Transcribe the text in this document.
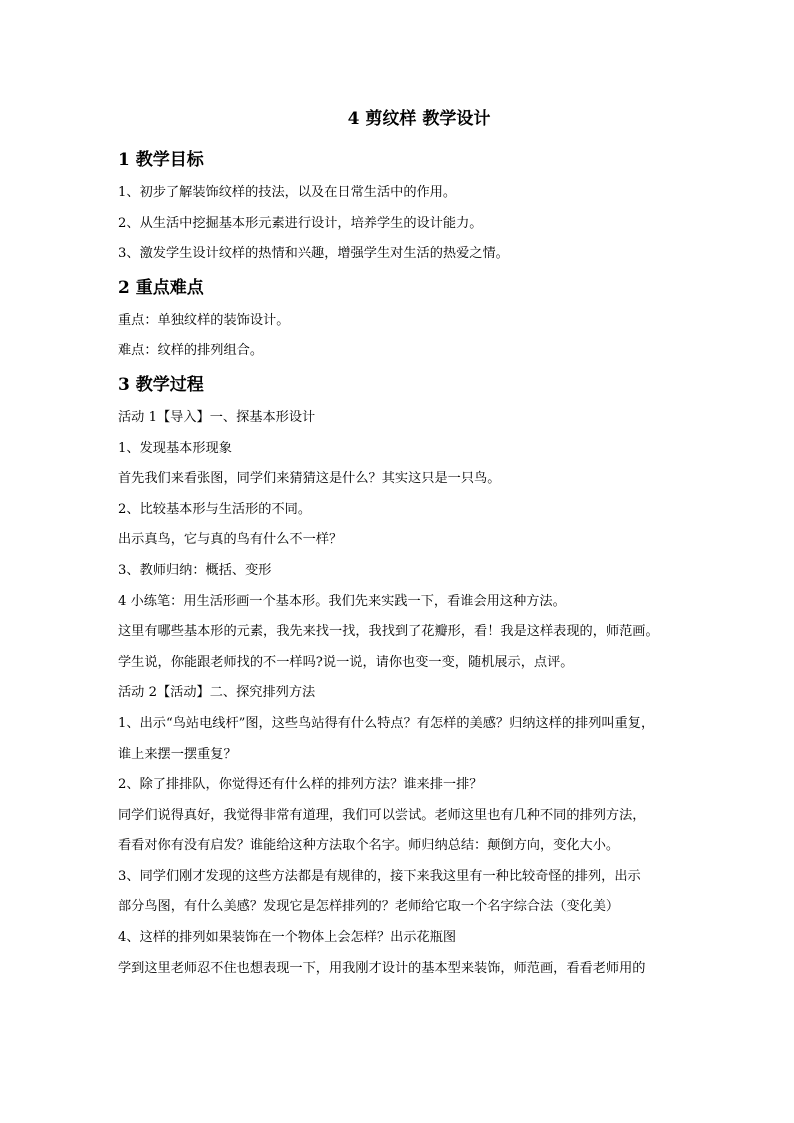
4 剪纹样 教学设计
1 教学目标

1、初步了解装饰纹样的技法，以及在日常生活中的作用。

2、从生活中挖掘基本形元素进行设计，培养学生的设计能力。

3、激发学生设计纹样的热情和兴趣，增强学生对生活的热爱之情。

2 重点难点

重点：单独纹样的装饰设计。

难点：纹样的排列组合。

3 教学过程

活动 1【导入】一、探基本形设计

1、发现基本形现象

首先我们来看张图，同学们来猜猜这是什么？其实这只是一只鸟。

2、比较基本形与生活形的不同。

出示真鸟，它与真的鸟有什么不一样？

3、教师归纳：概括、变形

4 小练笔：用生活形画一个基本形。我们先来实践一下，看谁会用这种方法。

这里有哪些基本形的元素，我先来找一找，我找到了花瓣形，看！我是这样表现的，师范画。

学生说，你能跟老师找的不一样吗?说一说，请你也变一变，随机展示，点评。

活动 2【活动】二、探究排列方法

1、出示“鸟站电线杆”图，这些鸟站得有什么特点？有怎样的美感？归纳这样的排列叫重复，

谁上来摆一摆重复？

2、除了排排队，你觉得还有什么样的排列方法？谁来排一排？

同学们说得真好，我觉得非常有道理，我们可以尝试。老师这里也有几种不同的排列方法，

看看对你有没有启发？谁能给这种方法取个名字。师归纳总结：颠倒方向，变化大小。

3、同学们刚才发现的这些方法都是有规律的，接下来我这里有一种比较奇怪的排列，出示

部分鸟图，有什么美感？发现它是怎样排列的？老师给它取一个名字综合法（变化美）

4、这样的排列如果装饰在一个物体上会怎样？出示花瓶图

学到这里老师忍不住也想表现一下，用我刚才设计的基本型来装饰，师范画，看看老师用的
